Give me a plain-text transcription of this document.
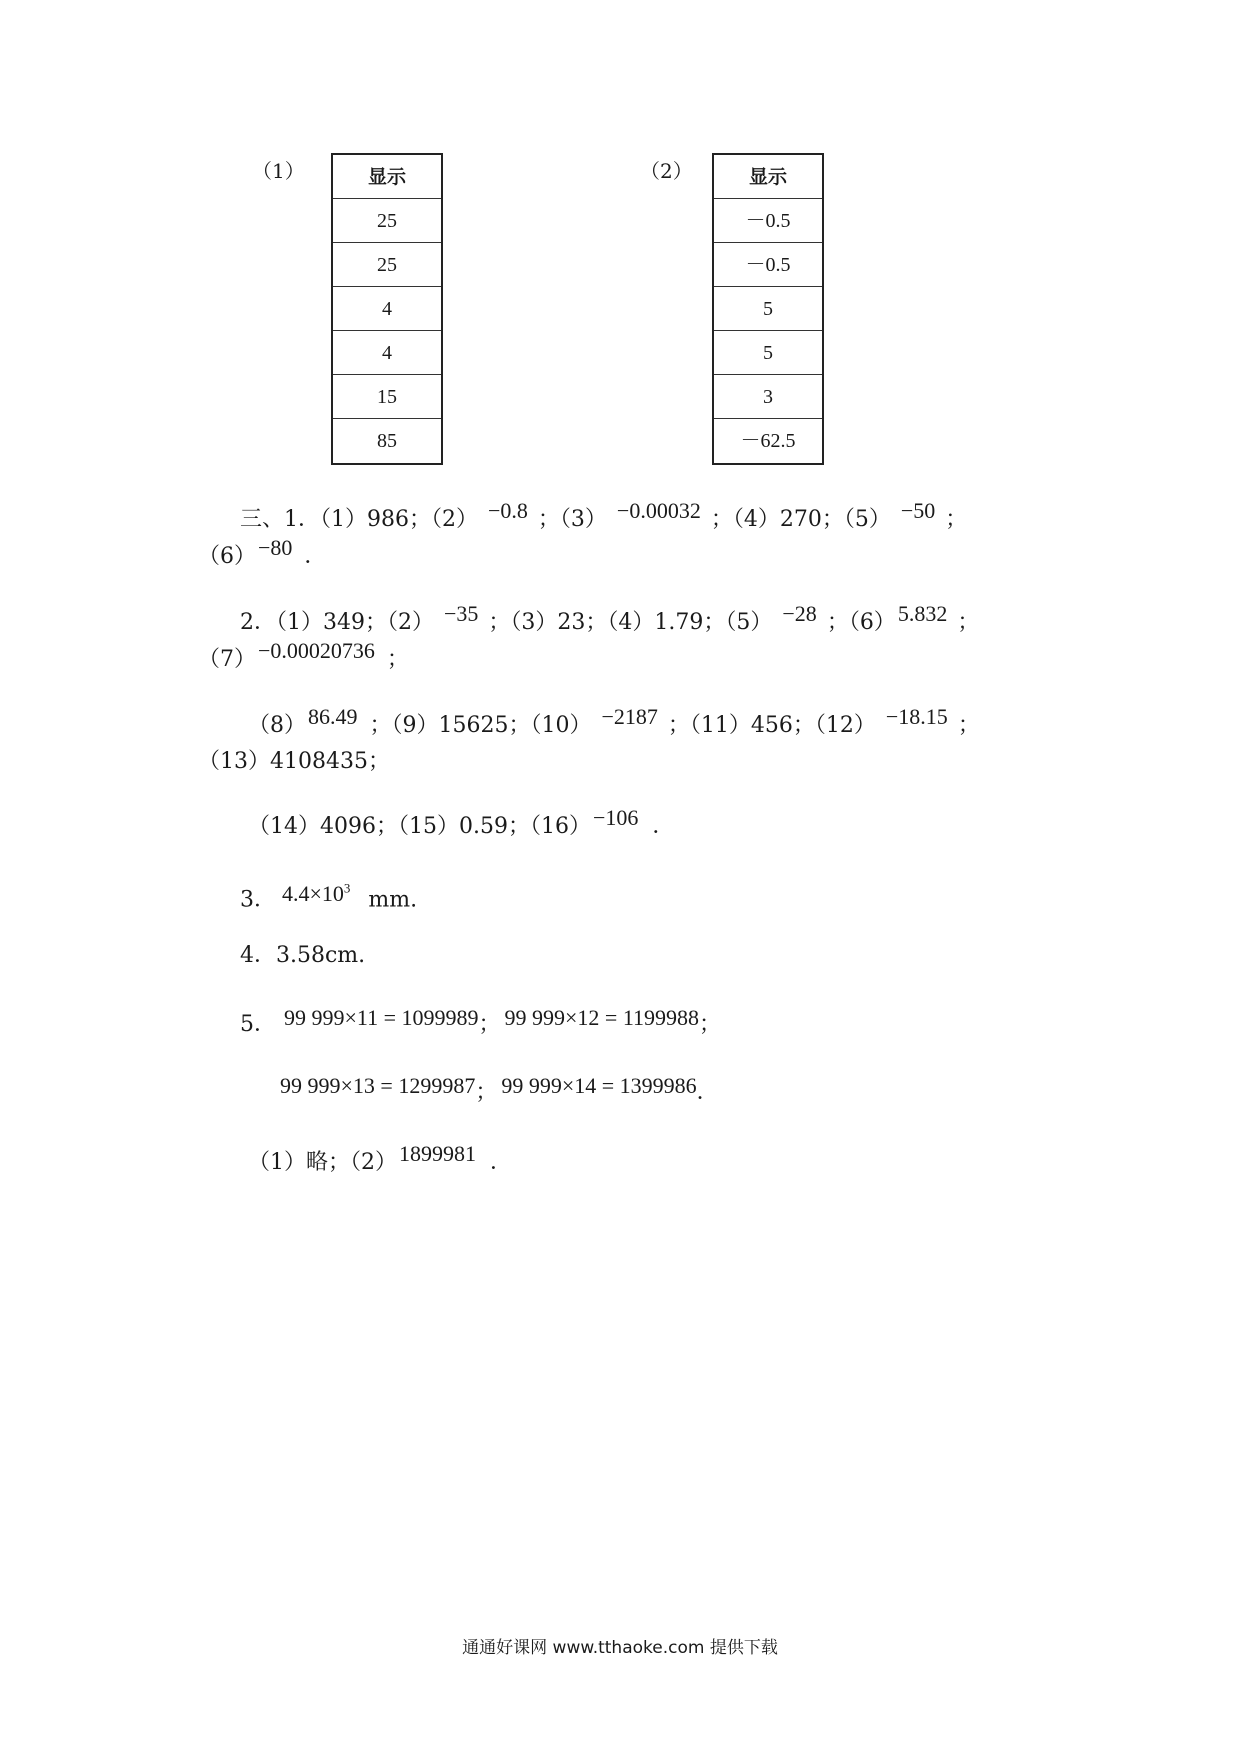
（1）	显示
25
25
4
4
15
85
（2）	显示
－0.5
－0.5
5
5
3
－62.5
三、1．（1）986；（2） −0.8 ；（3） −0.00032 ；（4）270；（5） −50 ；
（6）−80 ．
2．（1）349；（2） −35 ；（3）23；（4）1.79；（5） −28 ；（6）5.832 ；
（7）−0.00020736 ；
（8）86.49 ；（9）15625；（10） −2187 ；（11）456；（12） −18.15 ；
（13）4108435；
（14）4096；（15）0.59；（16）−106 ．
3． $4.4\times 10^3$ mm.
4．3.58cm.
5． 99 999×11 = 1099989； 99 999×12 = 1199988；
99 999×13 = 1299987； 99 999×14 = 1399986．
（1）略；（2）1899981 ．
通通好课网 www.tthaoke.com 提供下载
